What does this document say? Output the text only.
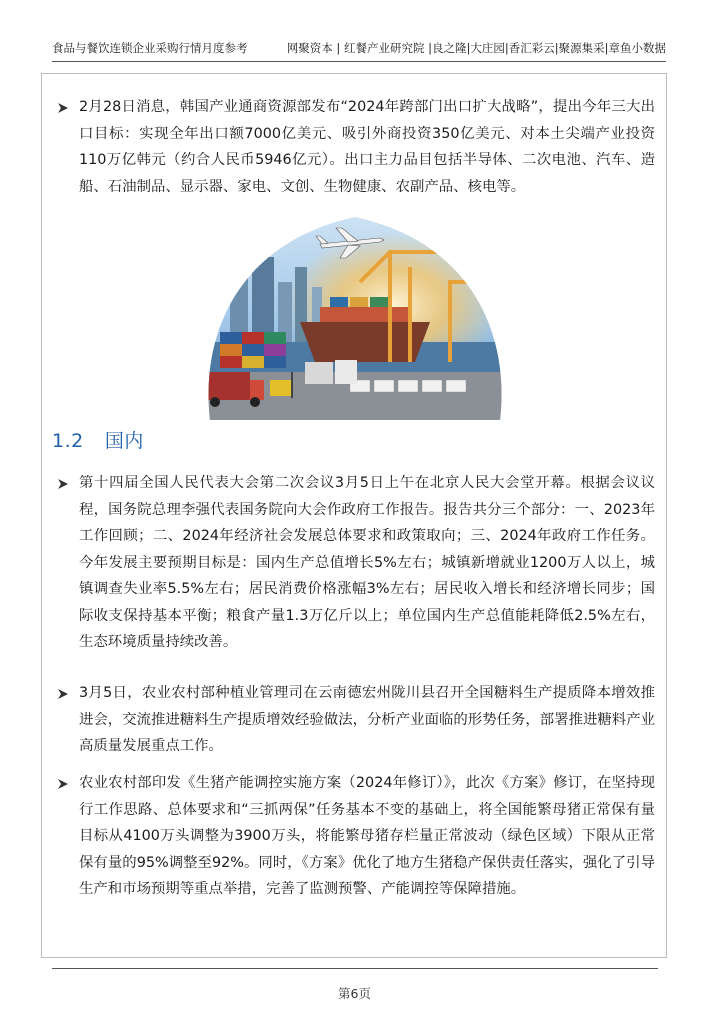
食品与餐饮连锁企业采购行情月度参考	网聚资本 | 红餐产业研究院 |良之隆|大庄园|香汇彩云|聚源集采|章鱼小数据
2月28日消息，韩国产业通商资源部发布“2024年跨部门出口扩大战略”，提出今年三大出口目标：实现全年出口额7000亿美元、吸引外商投资350亿美元、对本土尖端产业投资110万亿韩元（约合人民币5946亿元）。出口主力品目包括半导体、二次电池、汽车、造船、石油制品、显示器、家电、文创、生物健康、农副产品、核电等。
1.2 国内
第十四届全国人民代表大会第二次会议3月5日上午在北京人民大会堂开幕。根据会议议程，国务院总理李强代表国务院向大会作政府工作报告。报告共分三个部分：一、2023年工作回顾；二、2024年经济社会发展总体要求和政策取向；三、2024年政府工作任务。今年发展主要预期目标是：国内生产总值增长5%左右；城镇新增就业1200万人以上，城镇调查失业率5.5%左右；居民消费价格涨幅3%左右；居民收入增长和经济增长同步；国际收支保持基本平衡；粮食产量1.3万亿斤以上；单位国内生产总值能耗降低2.5%左右，生态环境质量持续改善。
3月5日，农业农村部种植业管理司在云南德宏州陇川县召开全国糖料生产提质降本增效推进会，交流推进糖料生产提质增效经验做法，分析产业面临的形势任务，部署推进糖料产业高质量发展重点工作。
农业农村部印发《生猪产能调控实施方案（2024年修订）》，此次《方案》修订，在坚持现行工作思路、总体要求和“三抓两保”任务基本不变的基础上，将全国能繁母猪正常保有量目标从4100万头调整为3900万头，将能繁母猪存栏量正常波动（绿色区域）下限从正常保有量的95%调整至92%。同时，《方案》优化了地方生猪稳产保供责任落实，强化了引导生产和市场预期等重点举措，完善了监测预警、产能调控等保障措施。
第6页
